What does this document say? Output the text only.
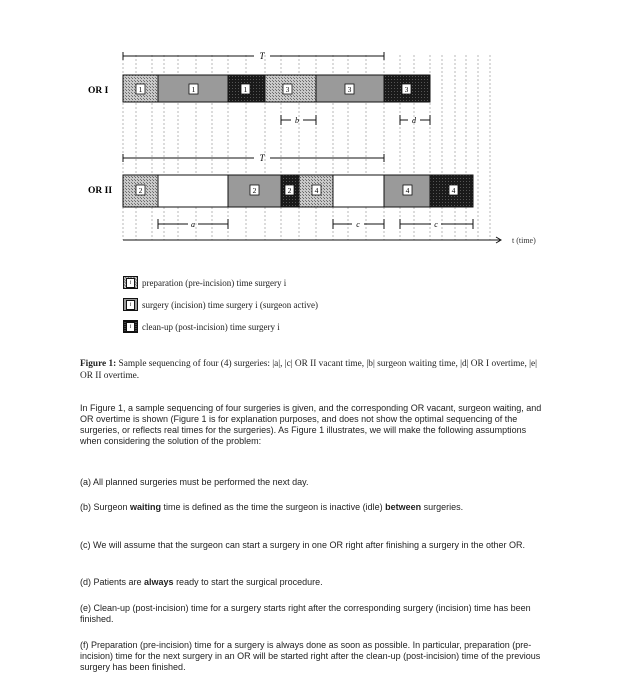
T
OR I	1	1	1	3	3	3
b	d
T
OR II	2	2	2	4	4	4
a	c	c
t (time)
i	preparation (pre-incision) time surgery i
i	surgery (incision) time surgery i (surgeon active)
i	clean-up (post-incision) time surgery i
Figure 1: Sample sequencing of four (4) surgeries: |a|, |c| OR II vacant time, |b| surgeon waiting time, |d| OR I overtime, |e| OR II overtime.
In Figure 1, a sample sequencing of four surgeries is given, and the corresponding OR vacant, surgeon waiting, and OR overtime is shown (Figure 1 is for explanation purposes, and does not show the optimal sequencing of the surgeries, or reflects real times for the surgeries). As Figure 1 illustrates, we will make the following assumptions when considering the solution of the problem:
(a) All planned surgeries must be performed the next day.
(b) Surgeon waiting time is defined as the time the surgeon is inactive (idle) between surgeries.
(c) We will assume that the surgeon can start a surgery in one OR right after finishing a surgery in the other OR.
(d) Patients are always ready to start the surgical procedure.
(e) Clean-up (post-incision) time for a surgery starts right after the corresponding surgery (incision) time has been finished.
(f) Preparation (pre-incision) time for a surgery is always done as soon as possible. In particular, preparation (pre-incision) time for the next surgery in an OR will be started right after the clean-up (post-incision) time of the previous surgery has been finished.
